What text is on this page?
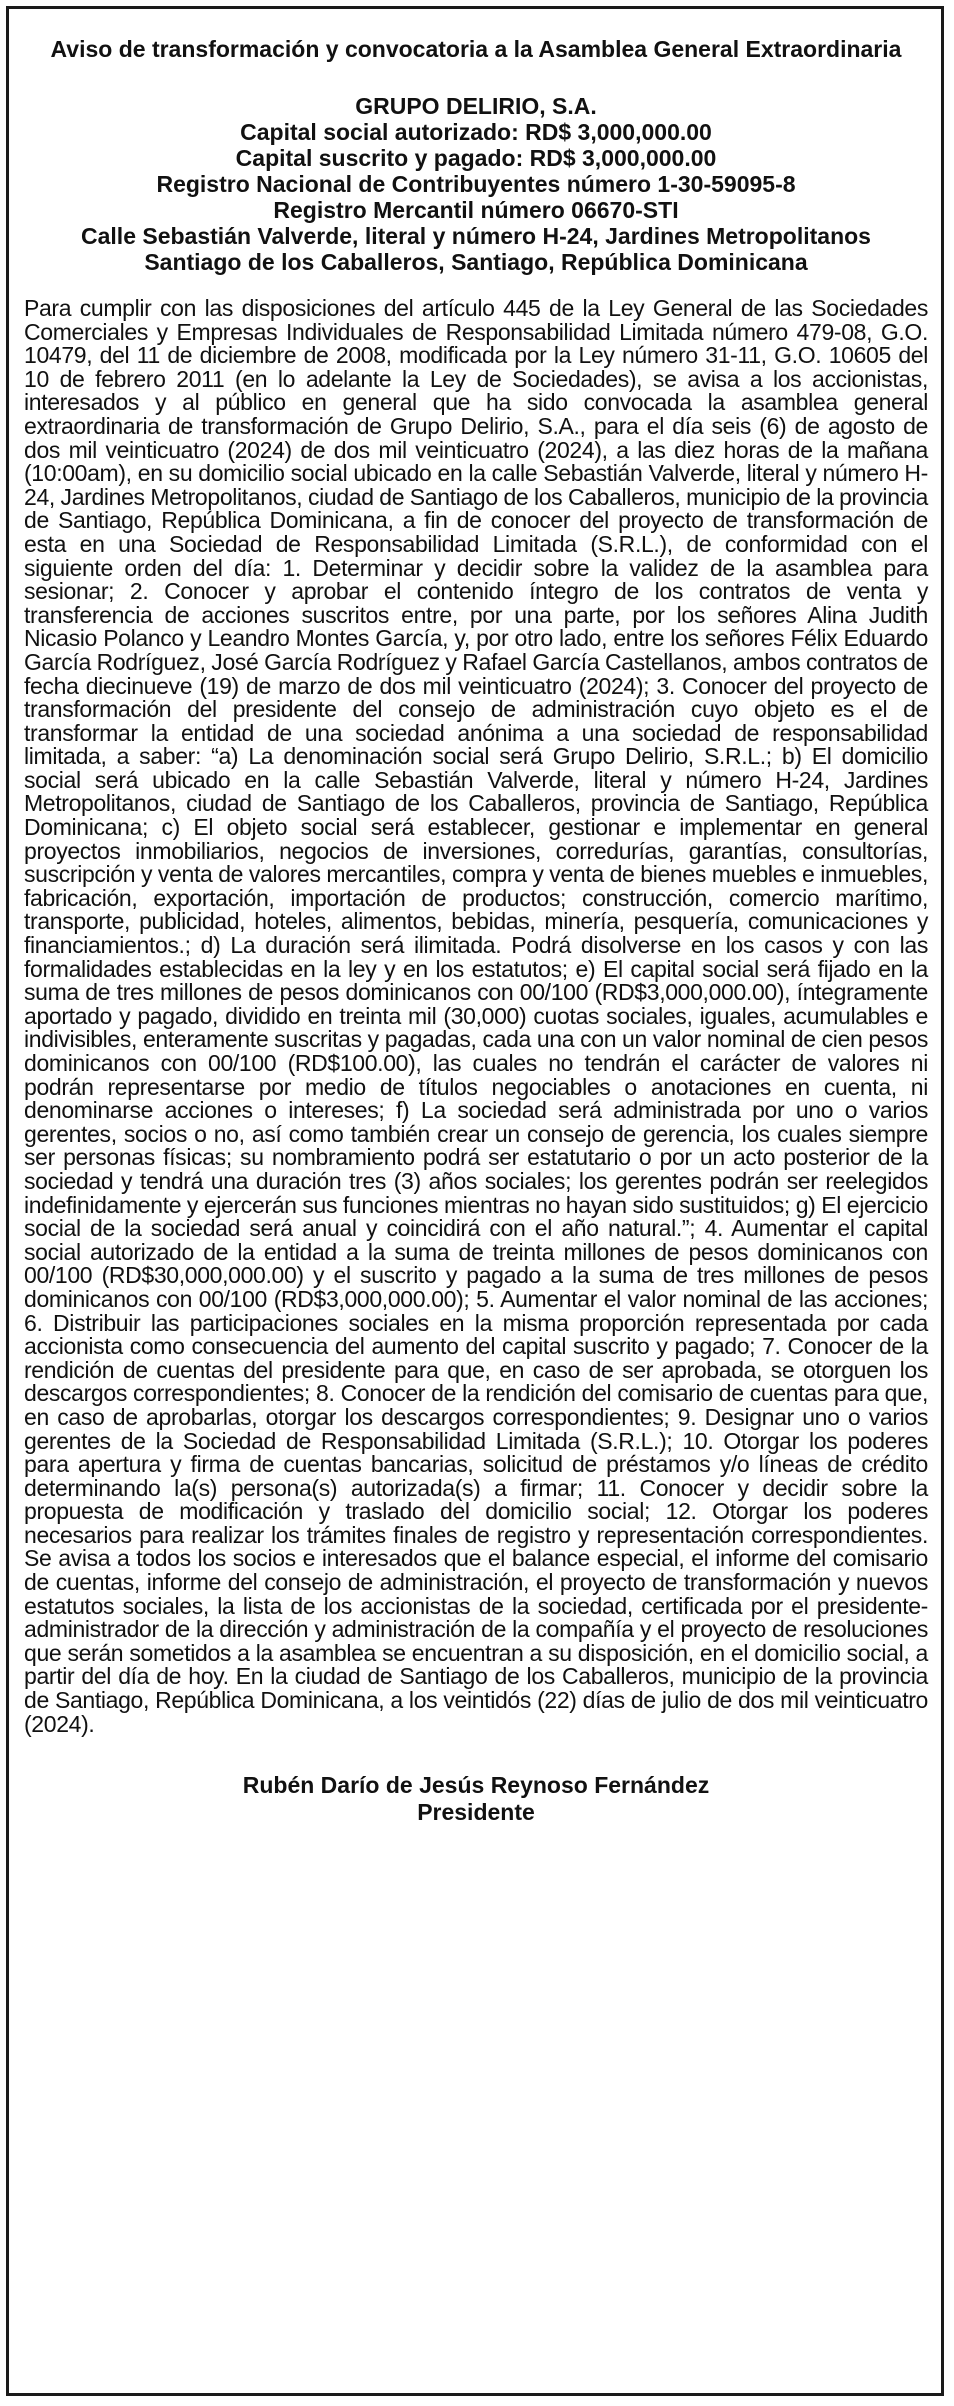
Aviso de transformación y convocatoria a la Asamblea General Extraordinaria
GRUPO DELIRIO, S.A.
Capital social autorizado: RD$ 3,000,000.00
Capital suscrito y pagado: RD$ 3,000,000.00
Registro Nacional de Contribuyentes número 1-30-59095-8
Registro Mercantil número 06670-STI
Calle Sebastián Valverde, literal y número H-24, Jardines Metropolitanos
Santiago de los Caballeros, Santiago, República Dominicana

Para cumplir con las disposiciones del artículo 445 de la Ley General de las Sociedades Comerciales y Empresas Individuales de Responsabilidad Limitada número 479-08, G.O. 10479, del 11 de diciembre de 2008, modificada por la Ley número 31-11, G.O. 10605 del 10 de febrero 2011 (en lo adelante la Ley de Sociedades), se avisa a los accionistas, interesados y al público en general que ha sido convocada la asamblea general extraordinaria de transformación de Grupo Delirio, S.A., para el día seis (6) de agosto de dos mil veinticuatro (2024) de dos mil veinticuatro (2024), a las diez horas de la mañana (10:00am), en su domicilio social ubicado en la calle Sebastián Valverde, literal y número H-24, Jardines Metropolitanos, ciudad de Santiago de los Caballeros, municipio de la provincia de Santiago, República Dominicana, a fin de conocer del proyecto de transformación de esta en una Sociedad de Responsabilidad Limitada (S.R.L.), de conformidad con el siguiente orden del día: 1. Determinar y decidir sobre la validez de la asamblea para sesionar; 2. Conocer y aprobar el contenido íntegro de los contratos de venta y transferencia de acciones suscritos entre, por una parte, por los señores Alina Judith Nicasio Polanco y Leandro Montes García, y, por otro lado, entre los señores Félix Eduardo García Rodríguez, José García Rodríguez y Rafael García Castellanos, ambos contratos de fecha diecinueve (19) de marzo de dos mil veinticuatro (2024); 3. Conocer del proyecto de transformación del presidente del consejo de administración cuyo objeto es el de transformar la entidad de una sociedad anónima a una sociedad de responsabilidad limitada, a saber: “a) La denominación social será Grupo Delirio, S.R.L.; b) El domicilio social será ubicado en la calle Sebastián Valverde, literal y número H-24, Jardines Metropolitanos, ciudad de Santiago de los Caballeros, provincia de Santiago, República Dominicana; c) El objeto social será establecer, gestionar e implementar en general proyectos inmobiliarios, negocios de inversiones, corredurías, garantías, consultorías, suscripción y venta de valores mercantiles, compra y venta de bienes muebles e inmuebles, fabricación, exportación, importación de productos; construcción, comercio marítimo, transporte, publicidad, hoteles, alimentos, bebidas, minería, pesquería, comunicaciones y financiamientos.; d) La duración será ilimitada. Podrá disolverse en los casos y con las formalidades establecidas en la ley y en los estatutos; e) El capital social será fijado en la suma de tres millones de pesos dominicanos con 00/100 (RD$3,000,000.00), íntegramente aportado y pagado, dividido en treinta mil (30,000) cuotas sociales, iguales, acumulables e indivisibles, enteramente suscritas y pagadas, cada una con un valor nominal de cien pesos dominicanos con 00/100 (RD$100.00), las cuales no tendrán el carácter de valores ni podrán representarse por medio de títulos negociables o anotaciones en cuenta, ni denominarse acciones o intereses; f) La sociedad será administrada por uno o varios gerentes, socios o no, así como también crear un consejo de gerencia, los cuales siempre ser personas físicas; su nombramiento podrá ser estatutario o por un acto posterior de la sociedad y tendrá una duración tres (3) años sociales; los gerentes podrán ser reelegidos indefinidamente y ejercerán sus funciones mientras no hayan sido sustituidos; g) El ejercicio social de la sociedad será anual y coincidirá con el año natural.”; 4. Aumentar el capital social autorizado de la entidad a la suma de treinta millones de pesos dominicanos con 00/100 (RD$30,000,000.00) y el suscrito y pagado a la suma de tres millones de pesos dominicanos con 00/100 (RD$3,000,000.00); 5. Aumentar el valor nominal de las acciones; 6. Distribuir las participaciones sociales en la misma proporción representada por cada accionista como consecuencia del aumento del capital suscrito y pagado; 7. Conocer de la rendición de cuentas del presidente para que, en caso de ser aprobada, se otorguen los descargos correspondientes; 8. Conocer de la rendición del comisario de cuentas para que, en caso de aprobarlas, otorgar los descargos correspondientes; 9. Designar uno o varios gerentes de la Sociedad de Responsabilidad Limitada (S.R.L.); 10. Otorgar los poderes para apertura y firma de cuentas bancarias, solicitud de préstamos y/o líneas de crédito determinando la(s) persona(s) autorizada(s) a firmar; 11. Conocer y decidir sobre la propuesta de modificación y traslado del domicilio social; 12. Otorgar los poderes necesarios para realizar los trámites finales de registro y representación correspondientes. Se avisa a todos los socios e interesados que el balance especial, el informe del comisario de cuentas, informe del consejo de administración, el proyecto de transformación y nuevos estatutos sociales, la lista de los accionistas de la sociedad, certificada por el presidente-administrador de la dirección y administración de la compañía y el proyecto de resoluciones que serán sometidos a la asamblea se encuentran a su disposición, en el domicilio social, a partir del día de hoy. En la ciudad de Santiago de los Caballeros, municipio de la provincia de Santiago, República Dominicana, a los veintidós (22) días de julio de dos mil veinticuatro (2024).

Rubén Darío de Jesús Reynoso Fernández
Presidente
